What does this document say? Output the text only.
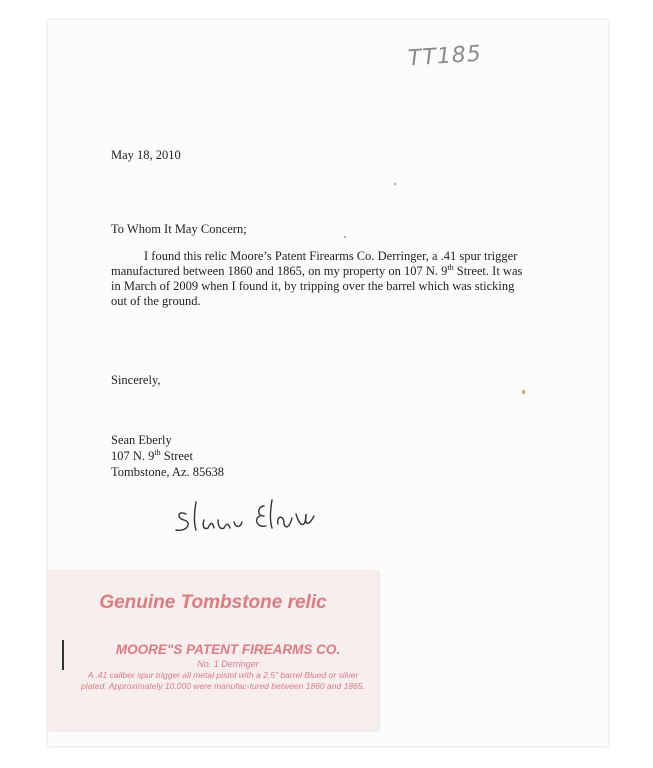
TT185
May 18, 2010
To Whom It May Concern;
I found this relic Moore’s Patent Firearms Co. Derringer, a .41 spur trigger manufactured between 1860 and 1865, on my property on 107 N. 9th Street. It was in March of 2009 when I found it, by tripping over the barrel which was sticking out of the ground.
Sincerely,
Sean Eberly
107 N. 9th Street
Tombstone, Az. 85638
Genuine Tombstone relic
MOORE"S PATENT FIREARMS CO.
No. 1 Derringer
A .41 caliber spur trigger all metal pistol with a 2.5" barrel Blued or silver plated. Approximately 10,000 were manufac-tured between 1860 and 1865.
